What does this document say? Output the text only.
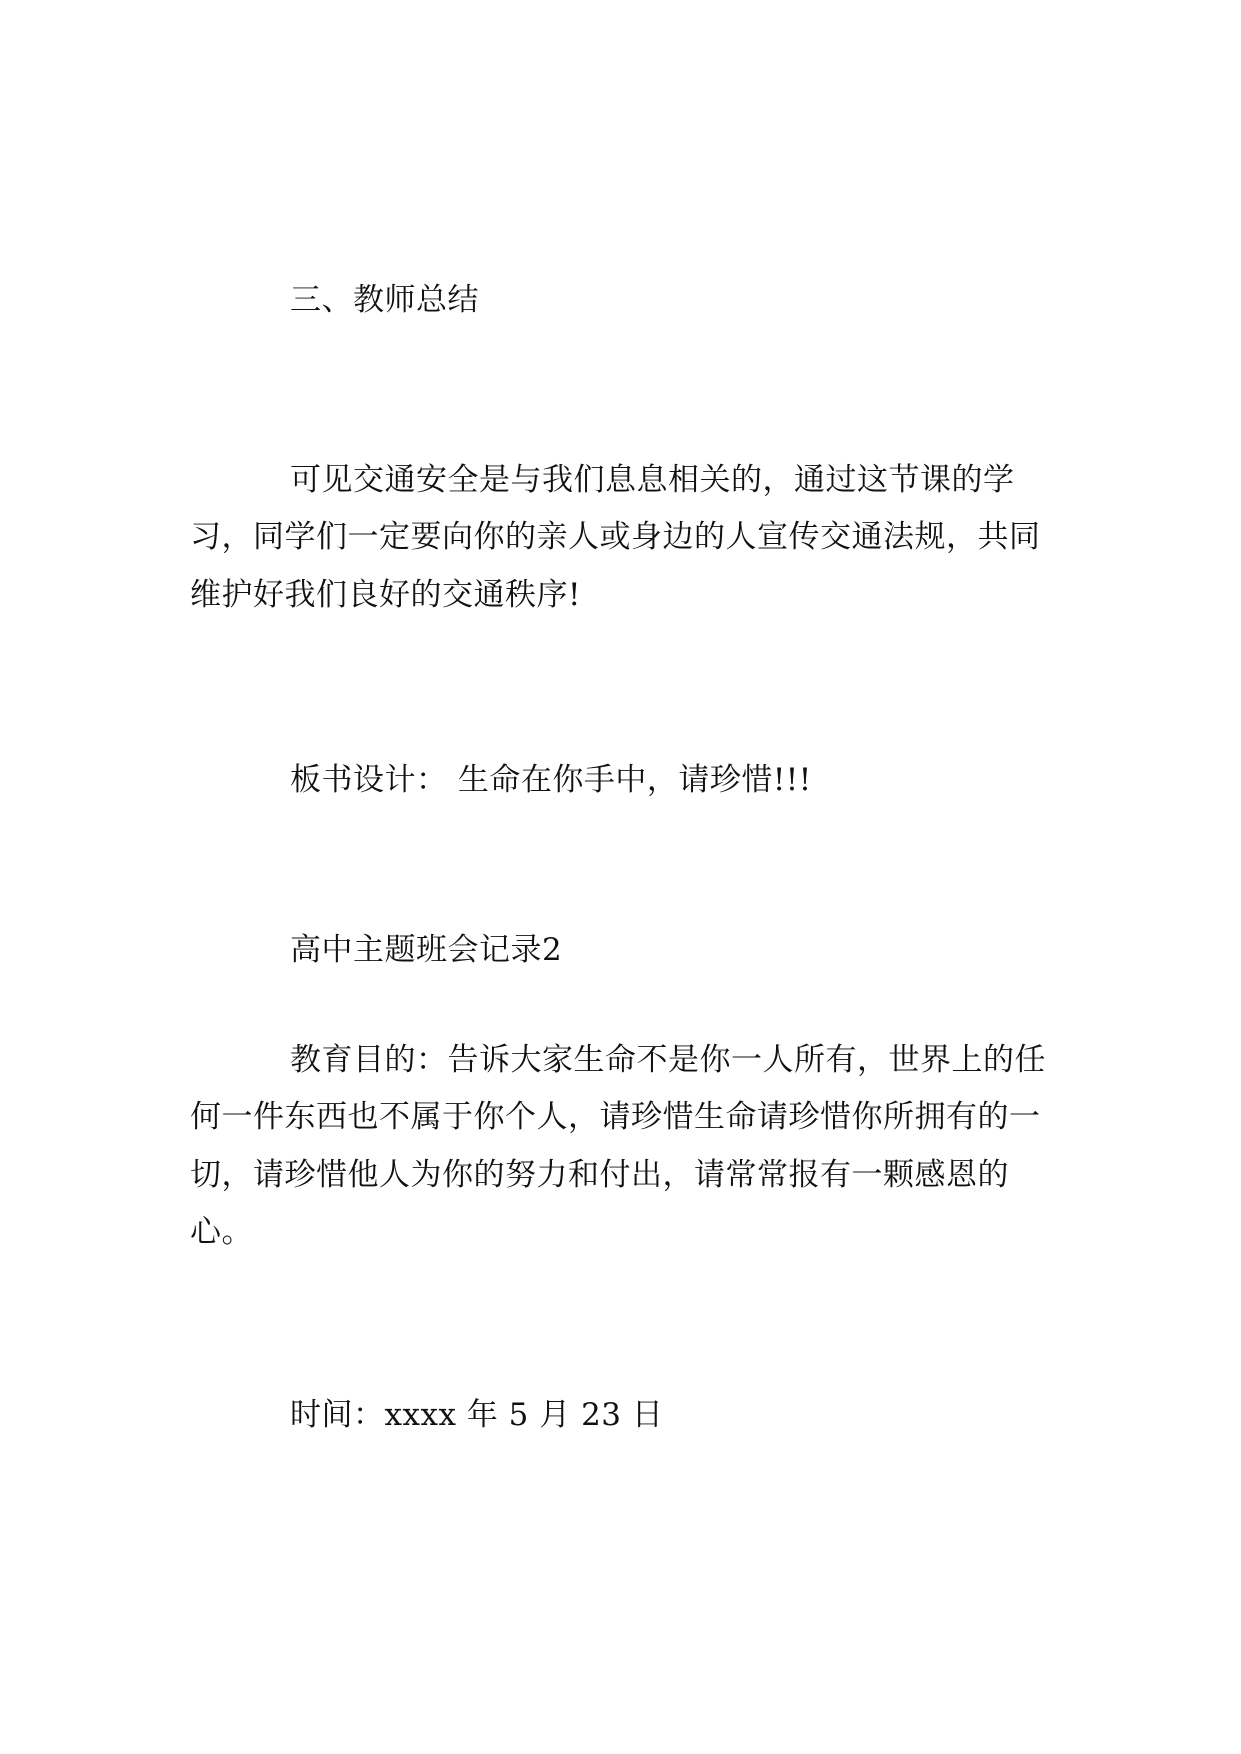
三、教师总结
可见交通安全是与我们息息相关的，通过这节课的学习，同学们一定要向你的亲人或身边的人宣传交通法规，共同维护好我们良好的交通秩序!
板书设计： 生命在你手中，请珍惜!!!
高中主题班会记录2
教育目的：告诉大家生命不是你一人所有，世界上的任何一件东西也不属于你个人，请珍惜生命请珍惜你所拥有的一切，请珍惜他人为你的努力和付出，请常常报有一颗感恩的心。
时间：xxxx 年 5 月 23 日
